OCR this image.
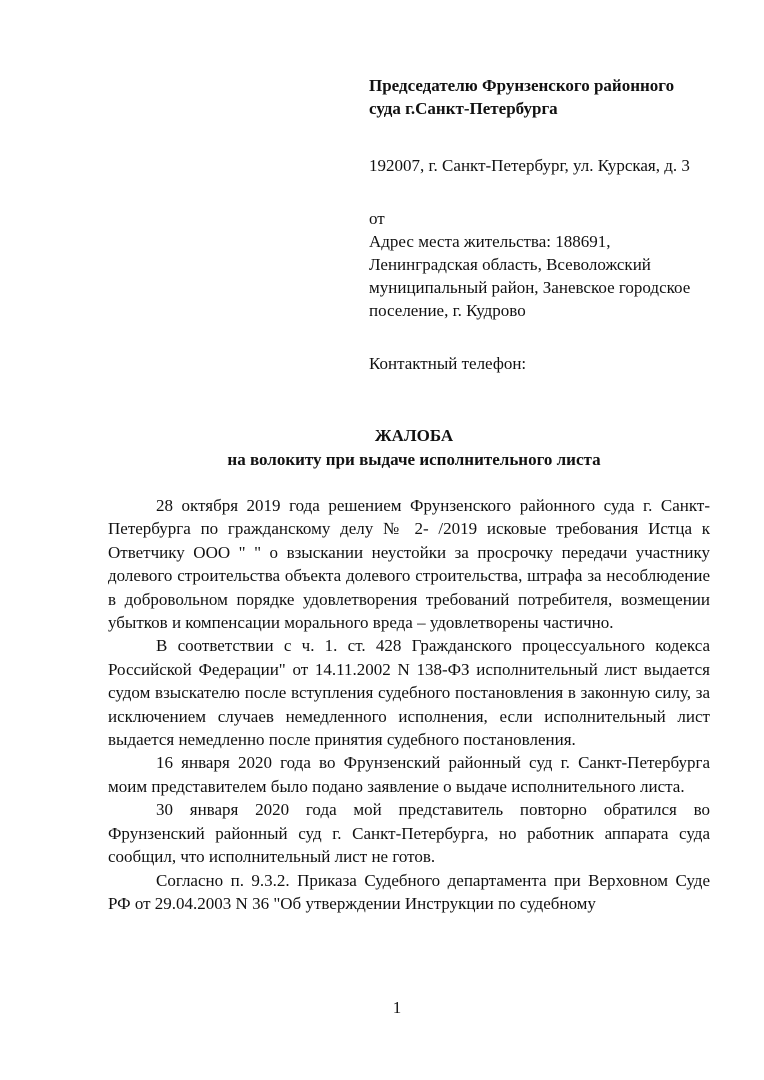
Председателю Фрунзенского районного

суда г.Санкт-Петербурга

192007, г. Санкт-Петербург, ул. Курская, д. 3

от

Адрес места жительства: 188691, Ленинградская область, Всеволожский муниципальный район, Заневское городское поселение, г. Кудрово

Контактный телефон:

ЖАЛОБА
на волокиту при выдаче исполнительного листа

28 октября 2019 года решением Фрунзенского районного суда г. Санкт-Петербурга по гражданскому делу № 2- /2019 исковые требования Истца к Ответчику ООО " " о взыскании неустойки за просрочку передачи участнику долевого строительства объекта долевого строительства, штрафа за несоблюдение в добровольном порядке удовлетворения требований потребителя, возмещении убытков и компенсации морального вреда – удовлетворены частично.

В соответствии с ч. 1. ст. 428 Гражданского процессуального кодекса Российской Федерации" от 14.11.2002 N 138-ФЗ исполнительный лист выдается судом взыскателю после вступления судебного постановления в законную силу, за исключением случаев немедленного исполнения, если исполнительный лист выдается немедленно после принятия судебного постановления.

16 января 2020 года во Фрунзенский районный суд г. Санкт-Петербурга моим представителем было подано заявление о выдаче исполнительного листа.

30 января 2020 года мой представитель повторно обратился во Фрунзенский районный суд г. Санкт-Петербурга, но работник аппарата суда сообщил, что исполнительный лист не готов.

Согласно п. 9.3.2. Приказа Судебного департамента при Верховном Суде РФ от 29.04.2003 N 36 "Об утверждении Инструкции по судебному

1
